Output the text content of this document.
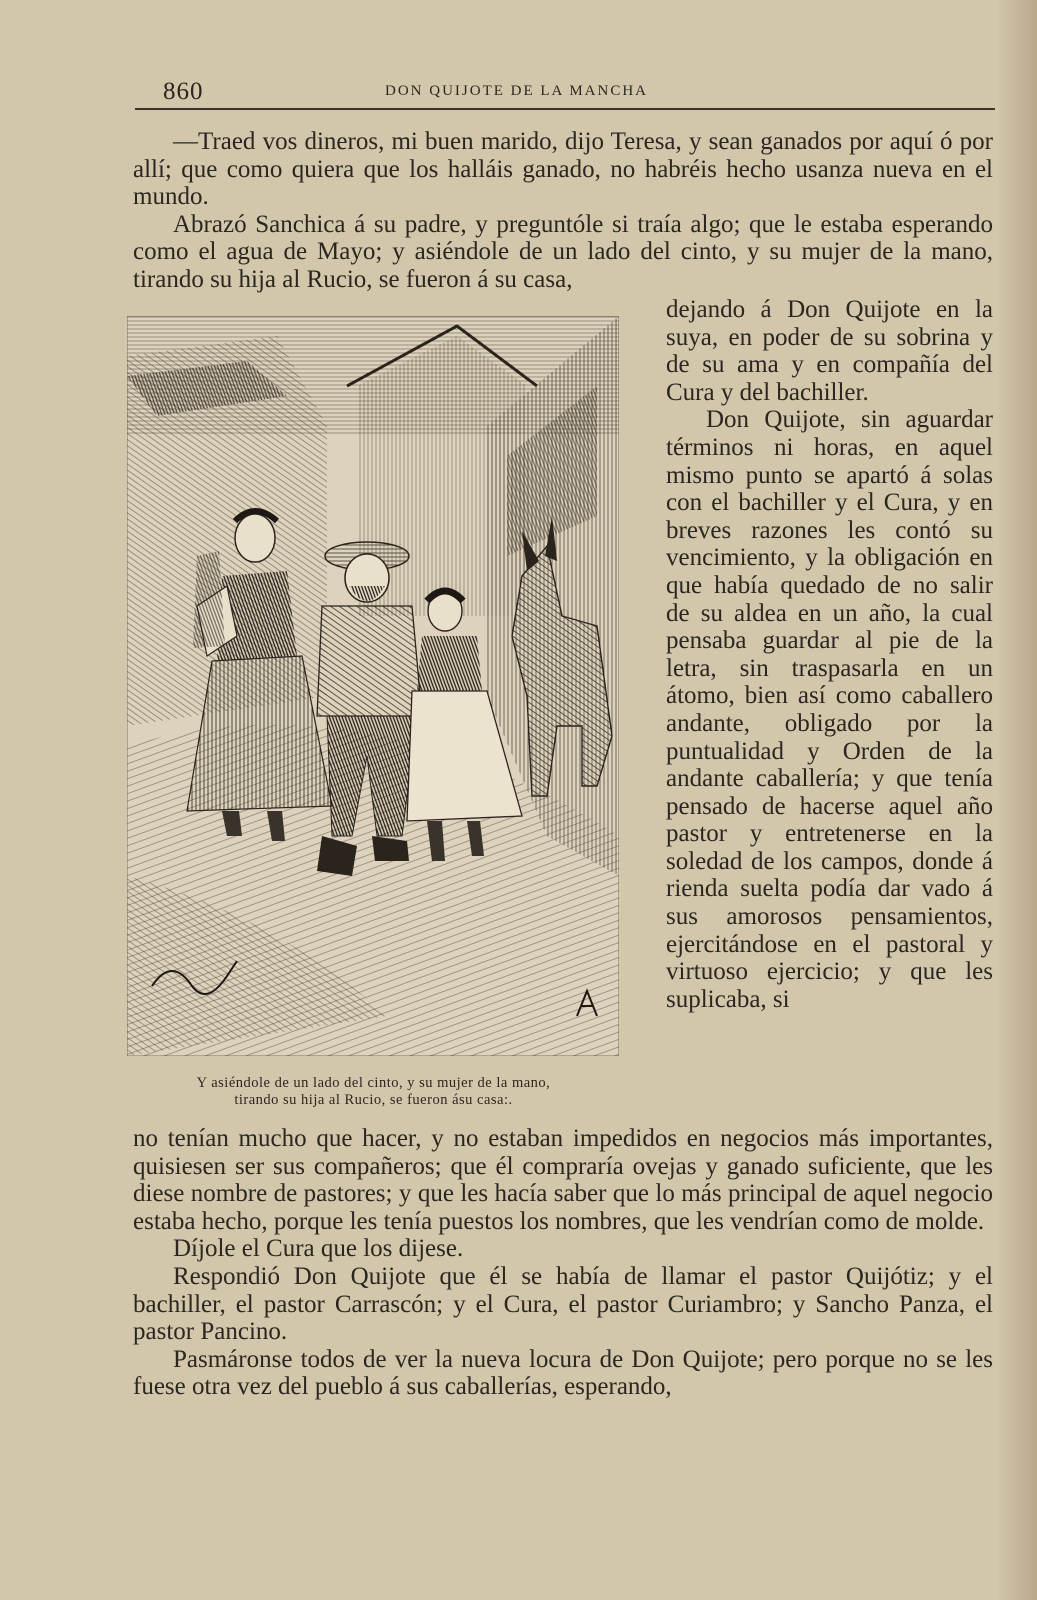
860	DON QUIJOTE DE LA MANCHA

—Traed vos dineros, mi buen marido, dijo Teresa, y sean ganados por aquí ó por allí; que como quiera que los halláis ganado, no habréis hecho usanza nueva en el mundo.

Abrazó Sanchica á su padre, y preguntóle si traía algo; que le estaba esperando como el agua de Mayo; y asiéndole de un lado del cinto, y su mujer de la mano, tirando su hija al Rucio, se fueron á su casa,

Y asiéndole de un lado del cinto, y su mujer de la mano,
tirando su hija al Rucio, se fueron ásu casa:.

dejando á Don Quijote en la suya, en poder de su sobrina y de su ama y en compañía del Cura y del bachiller.

Don Quijote, sin aguardar términos ni horas, en aquel mismo punto se apartó á solas con el bachiller y el Cura, y en breves razones les contó su vencimiento, y la obligación en que había quedado de no salir de su aldea en un año, la cual pensaba guardar al pie de la letra, sin traspasarla en un átomo, bien así como caballero andante, obligado por la puntualidad y Orden de la andante caballería; y que tenía pensado de hacerse aquel año pastor y entretenerse en la soledad de los campos, donde á rienda suelta podía dar vado á sus amorosos pensamientos, ejercitándose en el pastoral y virtuoso ejercicio; y que les suplicaba, si

no tenían mucho que hacer, y no estaban impedidos en negocios más importantes, quisiesen ser sus compañeros; que él compraría ovejas y ganado suficiente, que les diese nombre de pastores; y que les hacía saber que lo más principal de aquel negocio estaba hecho, porque les tenía puestos los nombres, que les vendrían como de molde.

Díjole el Cura que los dijese.

Respondió Don Quijote que él se había de llamar el pastor Quijótiz; y el bachiller, el pastor Carrascón; y el Cura, el pastor Curiambro; y Sancho Panza, el pastor Pancino.

Pasmáronse todos de ver la nueva locura de Don Quijote; pero porque no se les fuese otra vez del pueblo á sus caballerías, esperando,
